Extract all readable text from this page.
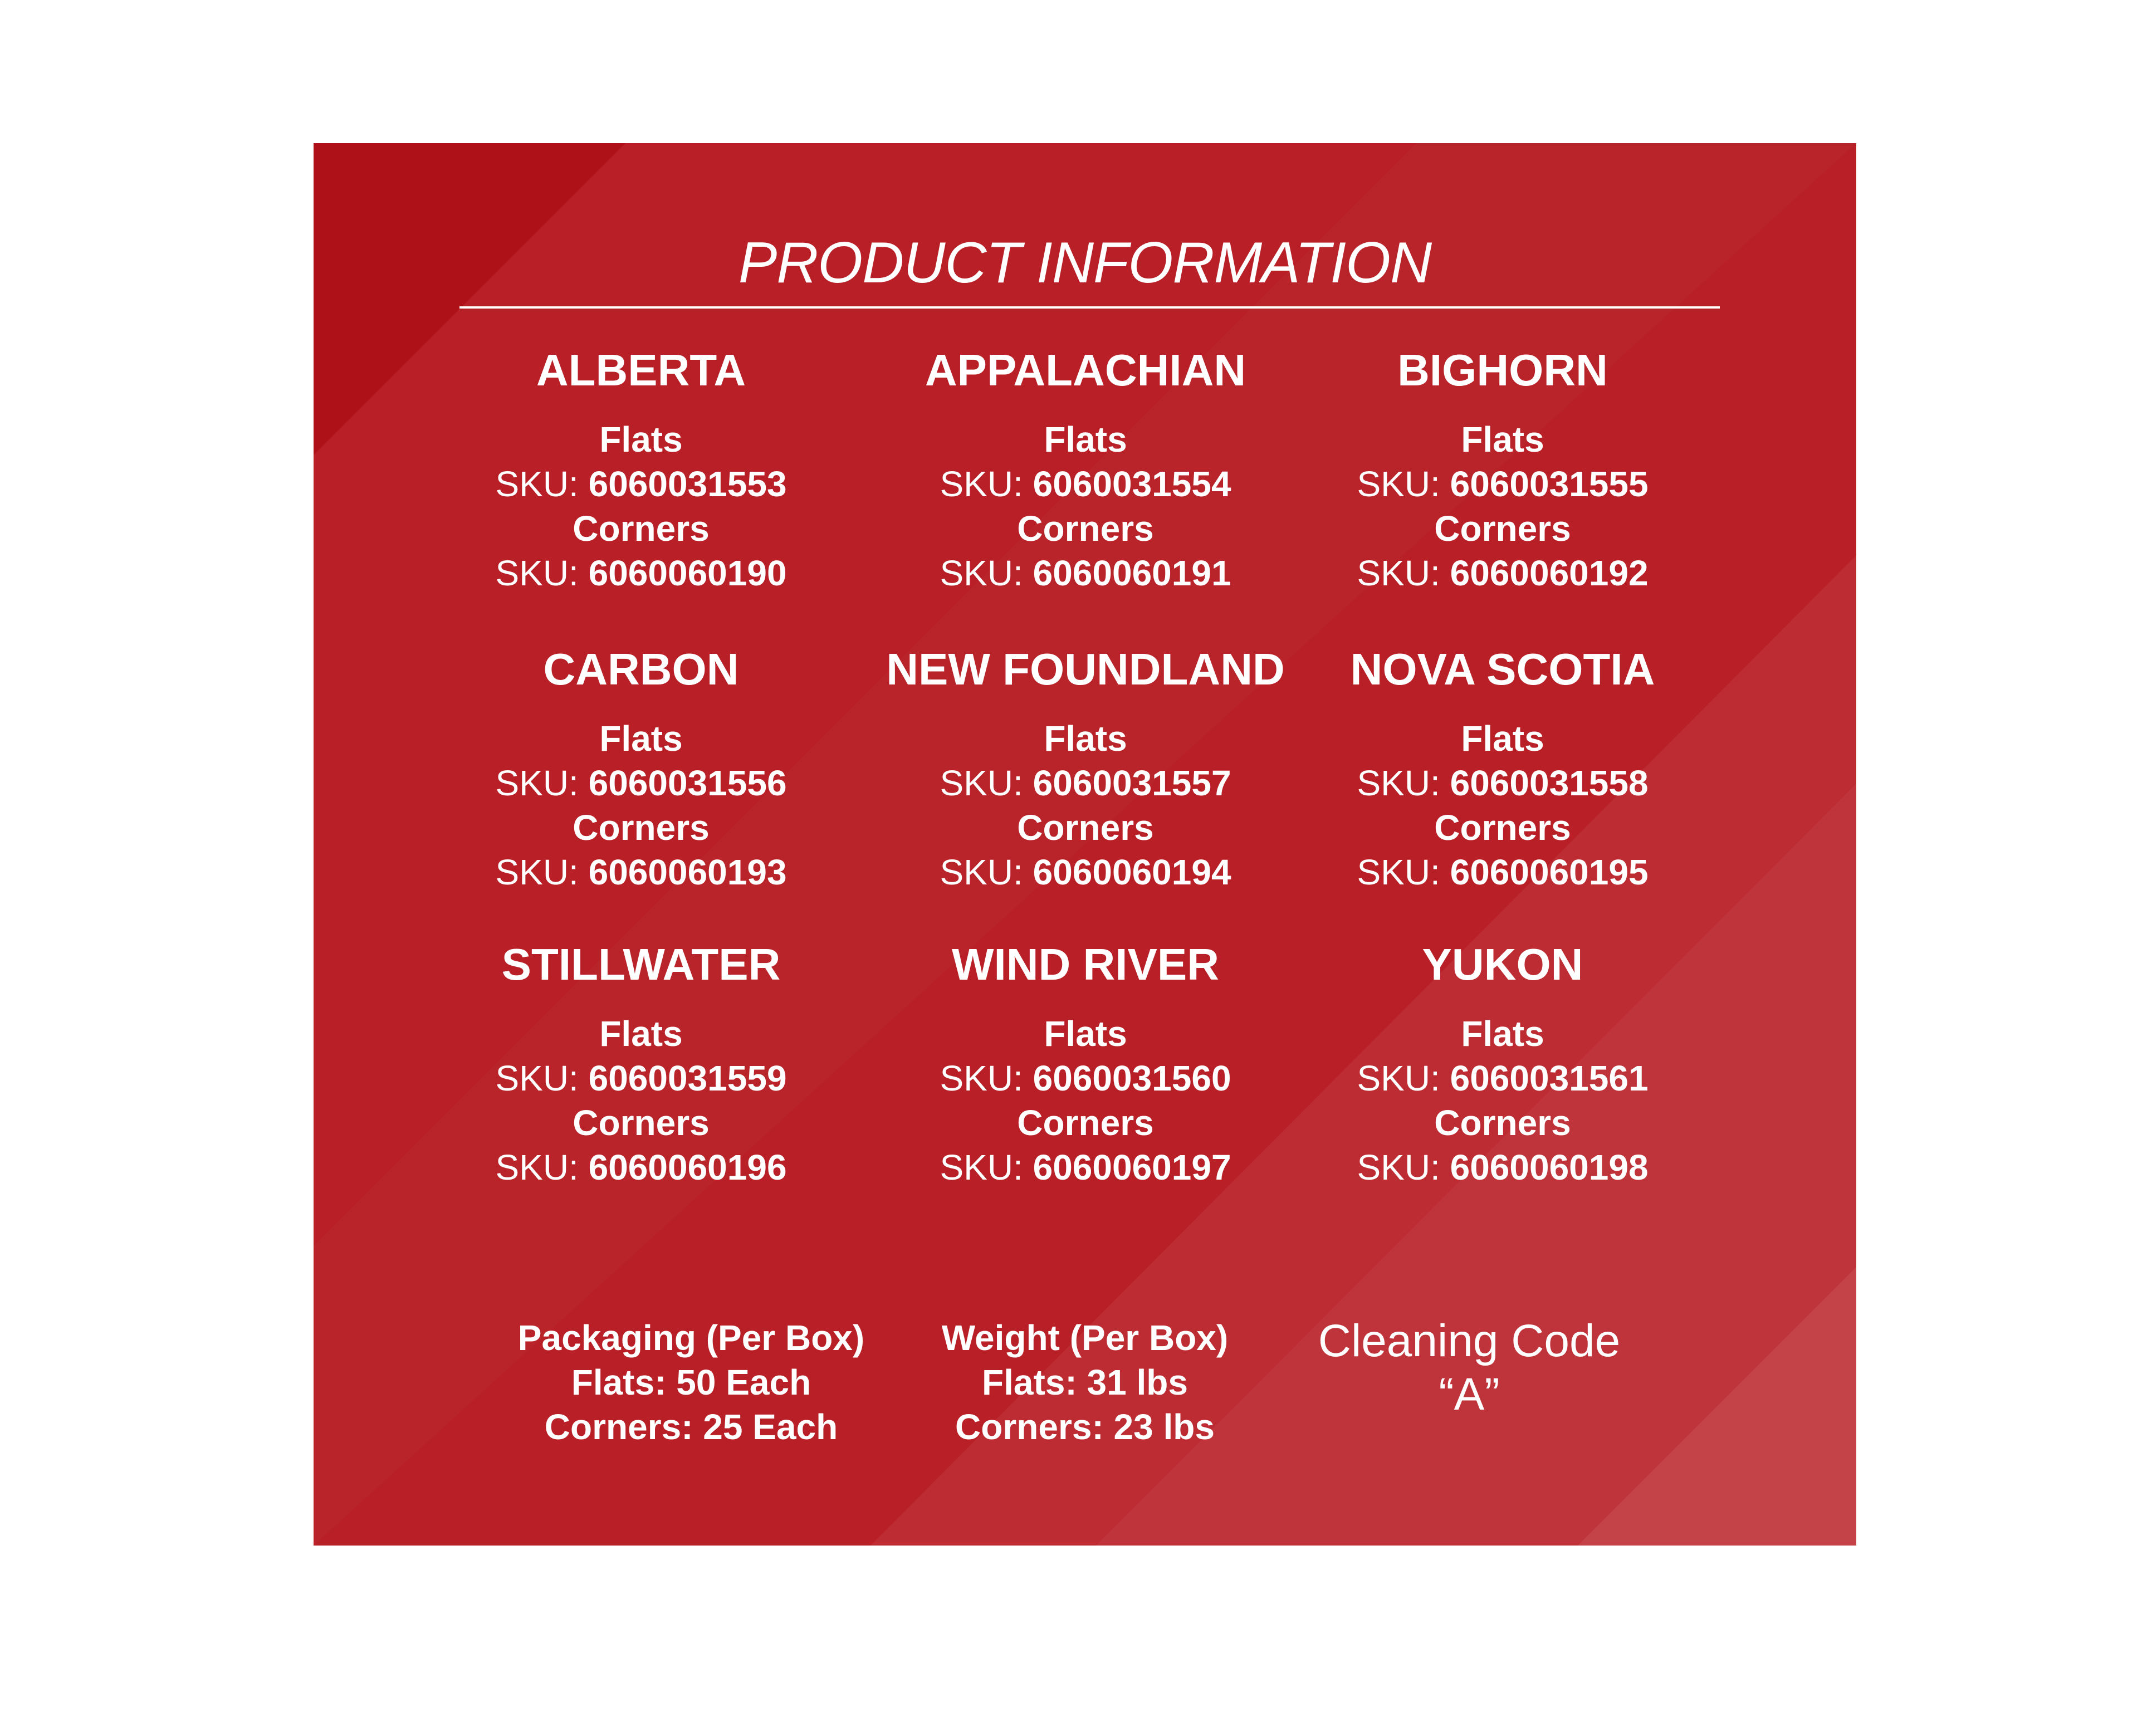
PRODUCT INFORMATION
ALBERTA
Flats
SKU: 6060031553
Corners
SKU: 6060060190
APPALACHIAN
Flats
SKU: 6060031554
Corners
SKU: 6060060191
BIGHORN
Flats
SKU: 6060031555
Corners
SKU: 6060060192
CARBON
Flats
SKU: 6060031556
Corners
SKU: 6060060193
NEW FOUNDLAND
Flats
SKU: 6060031557
Corners
SKU: 6060060194
NOVA SCOTIA
Flats
SKU: 6060031558
Corners
SKU: 6060060195
STILLWATER
Flats
SKU: 6060031559
Corners
SKU: 6060060196
WIND RIVER
Flats
SKU: 6060031560
Corners
SKU: 6060060197
YUKON
Flats
SKU: 6060031561
Corners
SKU: 6060060198
Packaging (Per Box)
Flats: 50 Each
Corners: 25 Each
Weight (Per Box)
Flats: 31 lbs
Corners: 23 lbs
Cleaning Code
“A”
